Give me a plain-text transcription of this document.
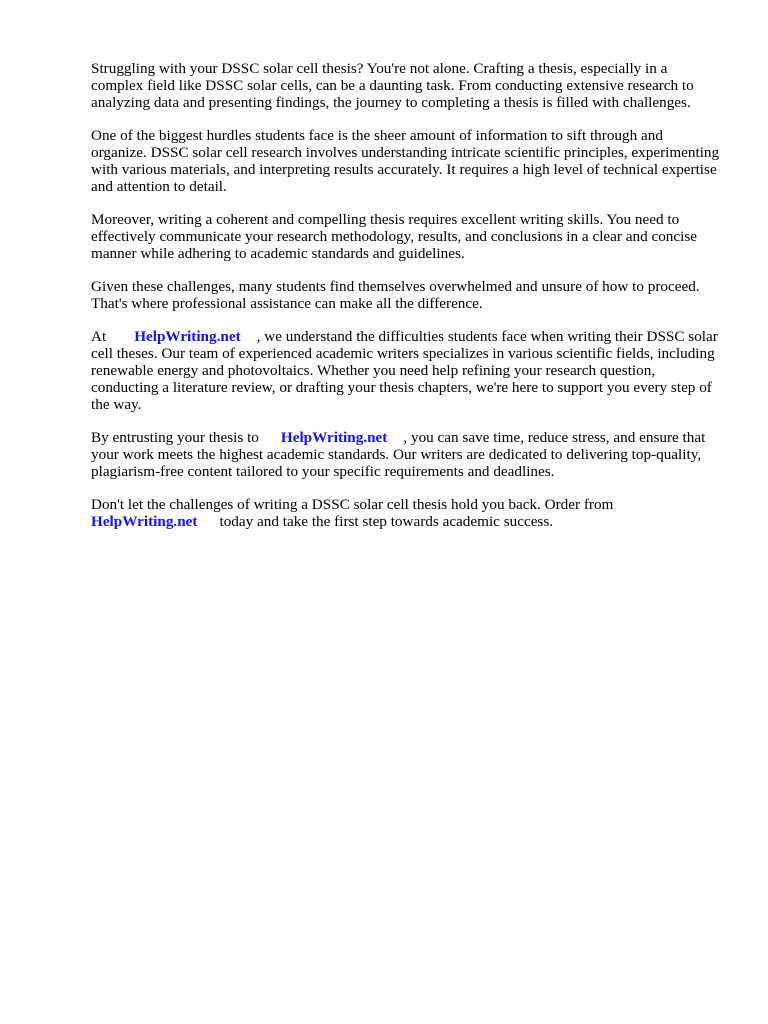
Struggling with your DSSC solar cell thesis? You're not alone. Crafting a thesis, especially in a complex field like DSSC solar cells, can be a daunting task. From conducting extensive research to analyzing data and presenting findings, the journey to completing a thesis is filled with challenges.

One of the biggest hurdles students face is the sheer amount of information to sift through and organize. DSSC solar cell research involves understanding intricate scientific principles, experimenting with various materials, and interpreting results accurately. It requires a high level of technical expertise and attention to detail.

Moreover, writing a coherent and compelling thesis requires excellent writing skills. You need to effectively communicate your research methodology, results, and conclusions in a clear and concise manner while adhering to academic standards and guidelines.

Given these challenges, many students find themselves overwhelmed and unsure of how to proceed. That's where professional assistance can make all the difference.

At HelpWriting.net , we understand the difficulties students face when writing their DSSC solar cell theses. Our team of experienced academic writers specializes in various scientific fields, including renewable energy and photovoltaics. Whether you need help refining your research question, conducting a literature review, or drafting your thesis chapters, we're here to support you every step of the way.

By entrusting your thesis to HelpWriting.net , you can save time, reduce stress, and ensure that your work meets the highest academic standards. Our writers are dedicated to delivering top-quality, plagiarism-free content tailored to your specific requirements and deadlines.

Don't let the challenges of writing a DSSC solar cell thesis hold you back. Order from HelpWriting.net today and take the first step towards academic success.
